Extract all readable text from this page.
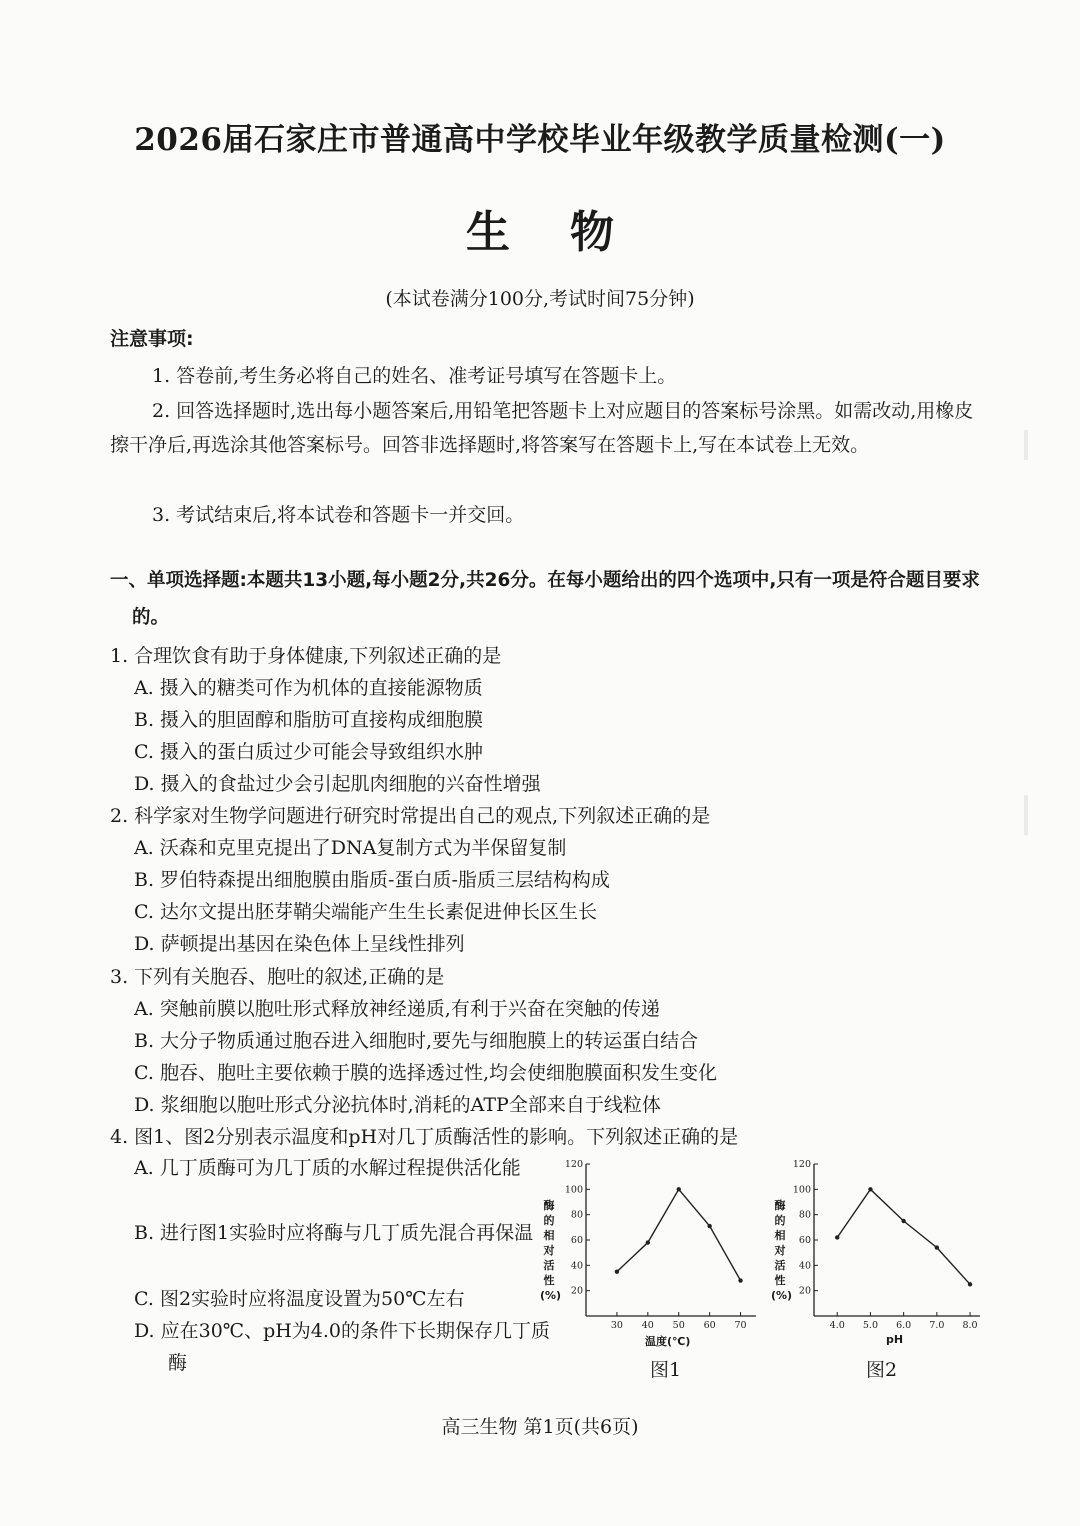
2026届石家庄市普通高中学校毕业年级教学质量检测(一)
生物
(本试卷满分100分,考试时间75分钟)
注意事项:

1. 答卷前,考生务必将自己的姓名、准考证号填写在答题卡上。

2. 回答选择题时,选出每小题答案后,用铅笔把答题卡上对应题目的答案标号涂黑。如需改动,用橡皮擦干净后,再选涂其他答案标号。回答非选择题时,将答案写在答题卡上,写在本试卷上无效。

3. 考试结束后,将本试卷和答题卡一并交回。

一、单项选择题:本题共13小题,每小题2分,共26分。在每小题给出的四个选项中,只有一项是符合题目要求的。
1. 合理饮食有助于身体健康,下列叙述正确的是
A. 摄入的糖类可作为机体的直接能源物质
B. 摄入的胆固醇和脂肪可直接构成细胞膜
C. 摄入的蛋白质过少可能会导致组织水肿
D. 摄入的食盐过少会引起肌肉细胞的兴奋性增强
2. 科学家对生物学问题进行研究时常提出自己的观点,下列叙述正确的是
A. 沃森和克里克提出了DNA复制方式为半保留复制
B. 罗伯特森提出细胞膜由脂质-蛋白质-脂质三层结构构成
C. 达尔文提出胚芽鞘尖端能产生生长素促进伸长区生长
D. 萨顿提出基因在染色体上呈线性排列
3. 下列有关胞吞、胞吐的叙述,正确的是
A. 突触前膜以胞吐形式释放神经递质,有利于兴奋在突触的传递
B. 大分子物质通过胞吞进入细胞时,要先与细胞膜上的转运蛋白结合
C. 胞吞、胞吐主要依赖于膜的选择透过性,均会使细胞膜面积发生变化
D. 浆细胞以胞吐形式分泌抗体时,消耗的ATP全部来自于线粒体
4. 图1、图2分别表示温度和pH对几丁质酶活性的影响。下列叙述正确的是
A. 几丁质酶可为几丁质的水解过程提供活化能
B. 进行图1实验时应将酶与几丁质先混合再保温
C. 图2实验时应将温度设置为50℃左右
D. 应在30℃、pH为4.0的条件下长期保存几丁质酶
酶的相对活性(%) 20
40
60
80
100
120
30 40 50 60 70
温度(℃)
图1
酶的相对活性(%) 20
40
60
80
100
120
4.0 5.0 6.0 7.0 8.0
pH
图2
高三生物 第1页(共6页)
